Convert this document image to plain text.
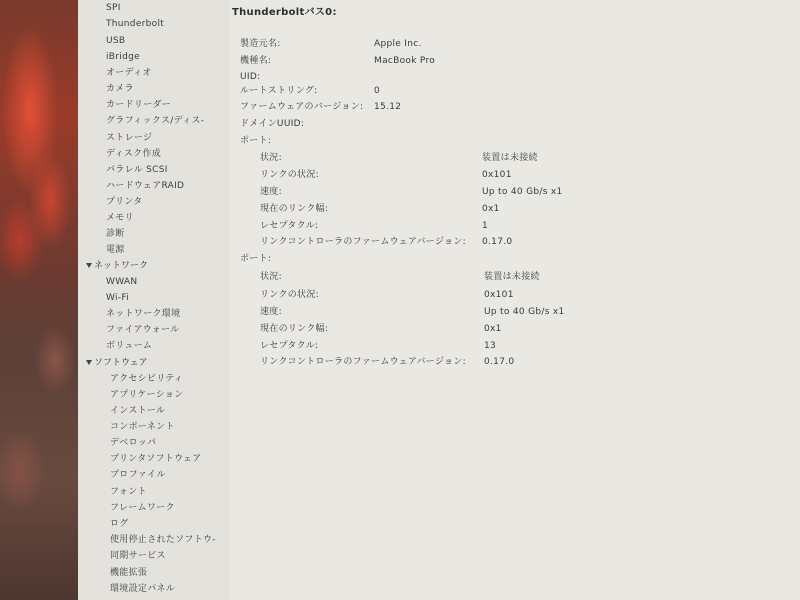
SPI
Thunderbolt
USB
iBridge
オーディオ
カメラ
カードリーダー
グラフィックス/ディス-
ストレージ
ディスク作成
パラレル SCSI
ハードウェアRAID
プリンタ
メモリ
診断
電源
ネットワーク
WWAN
Wi-Fi
ネットワーク環境
ファイアウォール
ボリューム
ソフトウェア
アクセシビリティ
アプリケーション
インストール
コンポーネント
デベロッパ
プリンタソフトウェア
プロファイル
フォント
フレームワーク
ログ
使用停止されたソフトウ-
同期サービス
機能拡張
環境設定パネル
Thunderboltバス0:
製造元名:	Apple Inc.
機種名:	MacBook Pro
UID:
ルートストリング:	0
ファームウェアのバージョン: 15.12
ドメインUUID:
ポート:
状況:	装置は未接続
リンクの状況:	0x101
速度:	Up to 40 Gb/s x1
現在のリンク幅:	0x1
レセプタクル:	1
リンクコントローラのファームウェアバージョン: 0.17.0
ポート:
状況:	装置は未接続
リンクの状況:	0x101
速度:	Up to 40 Gb/s x1
現在のリンク幅:	0x1
レセプタクル:	13
リンクコントローラのファームウェアバージョン: 0.17.0
